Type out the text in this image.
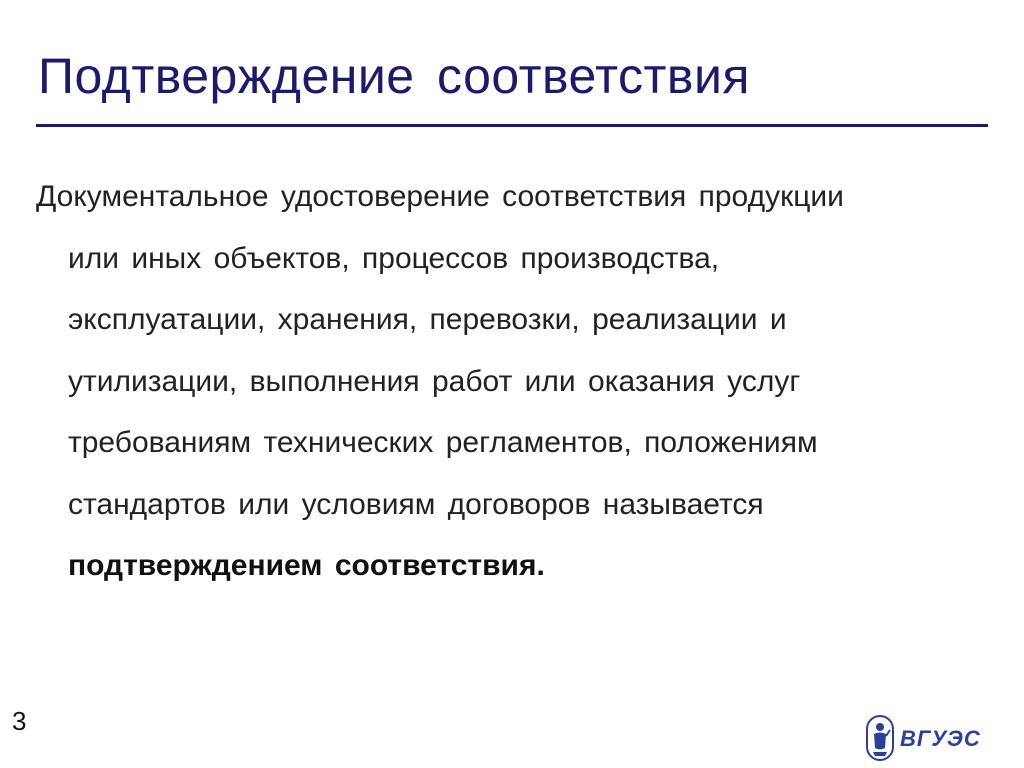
Подтверждение соответствия

Документальное удостоверение соответствия продукции
или иных объектов, процессов производства,
эксплуатации, хранения, перевозки, реализации и
утилизации, выполнения работ или оказания услуг
требованиям технических регламентов, положениям
стандартов или условиям договоров называется
подтверждением соответствия.

3
ВГУЭС
